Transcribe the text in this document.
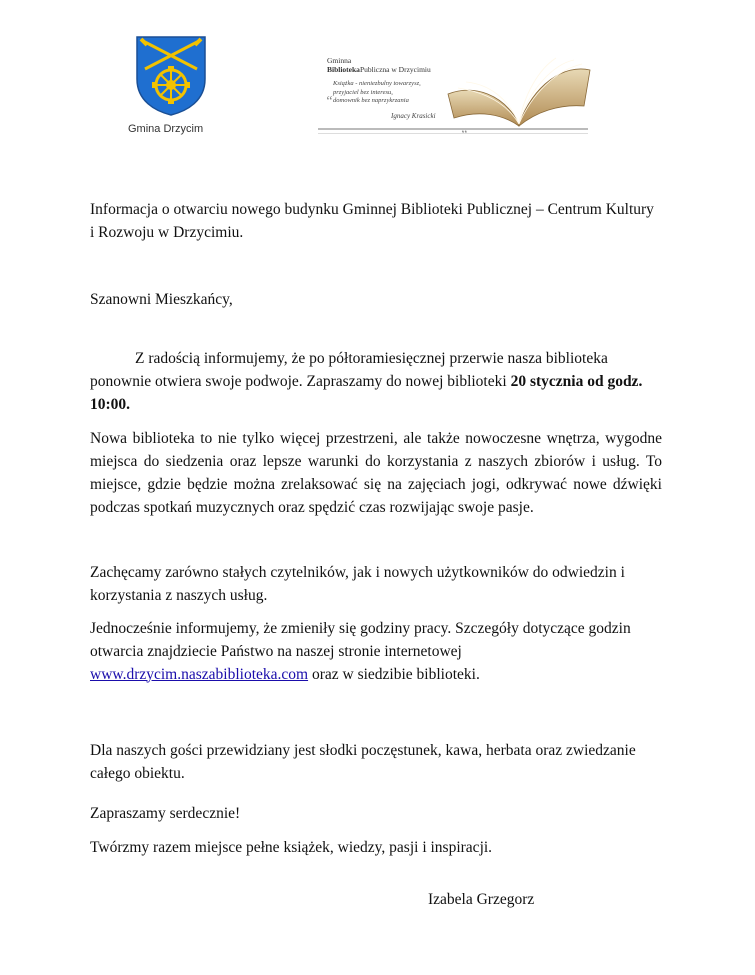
Gmina Drzycim
Gminna
BibliotekaPubliczna w Drzycimiu
“
Książka - nieniezbulny towarzysz,
przyjaciel bez interesu,
domownik bez naprzykrzania
Ignacy Krasicki

Informacja o otwarciu nowego budynku Gminnej Biblioteki Publicznej – Centrum Kultury i Rozwoju w Drzycimiu.

Szanowni Mieszkańcy,

Z radością informujemy, że po półtoramiesięcznej przerwie nasza biblioteka ponownie otwiera swoje podwoje. Zapraszamy do nowej biblioteki 20 stycznia od godz. 10:00.

Nowa biblioteka to nie tylko więcej przestrzeni, ale także nowoczesne wnętrza, wygodne miejsca do siedzenia oraz lepsze warunki do korzystania z naszych zbiorów i usług. To miejsce, gdzie będzie można zrelaksować się na zajęciach jogi, odkrywać nowe dźwięki podczas spotkań muzycznych oraz spędzić czas rozwijając swoje pasje.

Zachęcamy zarówno stałych czytelników, jak i nowych użytkowników do odwiedzin i korzystania z naszych usług.

Jednocześnie informujemy, że zmieniły się godziny pracy. Szczegóły dotyczące godzin otwarcia znajdziecie Państwo na naszej stronie internetowej www.drzycim.naszabiblioteka.com oraz w siedzibie biblioteki.

Dla naszych gości przewidziany jest słodki poczęstunek, kawa, herbata oraz zwiedzanie całego obiektu.

Zapraszamy serdecznie!

Twórzmy razem miejsce pełne książek, wiedzy, pasji i inspiracji.

Izabela Grzegorz
